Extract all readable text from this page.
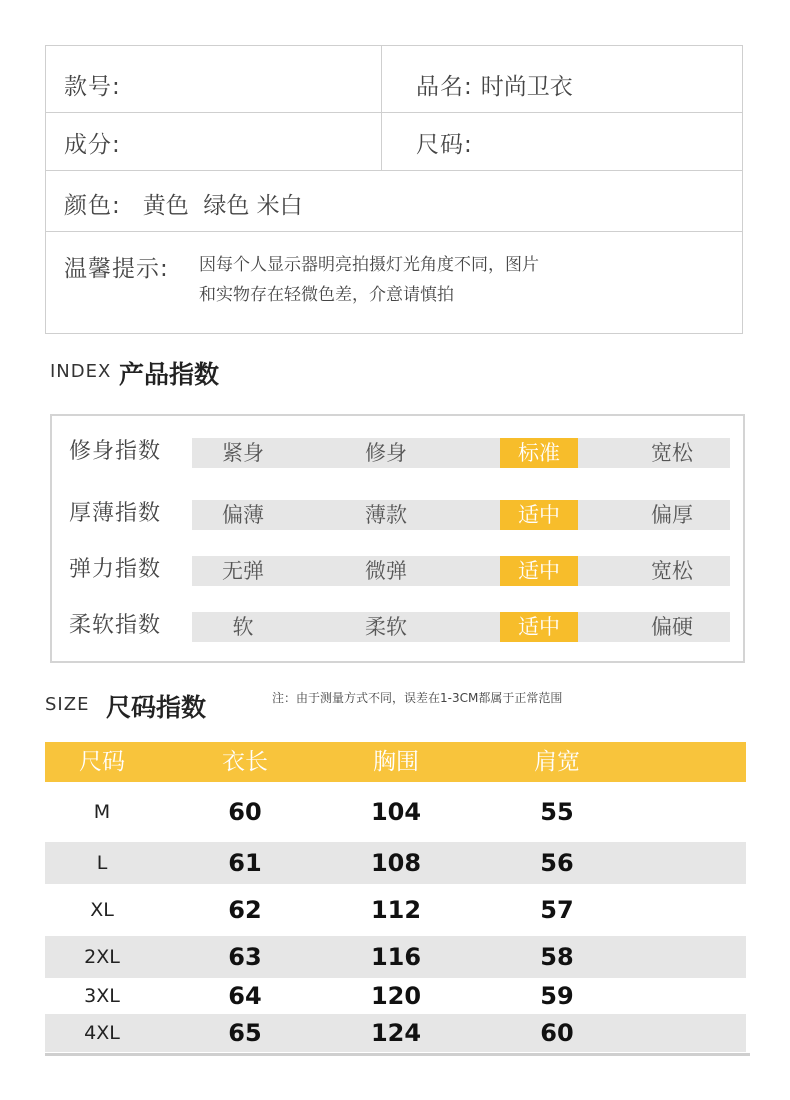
款号:	品名: 时尚卫衣
成分:	尺码:
颜色: 黄色  绿色 米白
温馨提示: 因每个人显示器明亮拍摄灯光角度不同，图片
和实物存在轻微色差，介意请慎拍
INDEX 产品指数
修身指数	紧身	修身	标准	宽松
厚薄指数	偏薄	薄款	适中	偏厚
弹力指数	无弹	微弹	适中	宽松
柔软指数	软	柔软	适中	偏硬
SIZE 尺码指数	注：由于测量方式不同，误差在1-3CM都属于正常范围
尺码	衣长	胸围	肩宽
M	60	104	55
L	61	108	56
XL	62	112	57
2XL	63	116	58
3XL	64	120	59
4XL	65	124	60
